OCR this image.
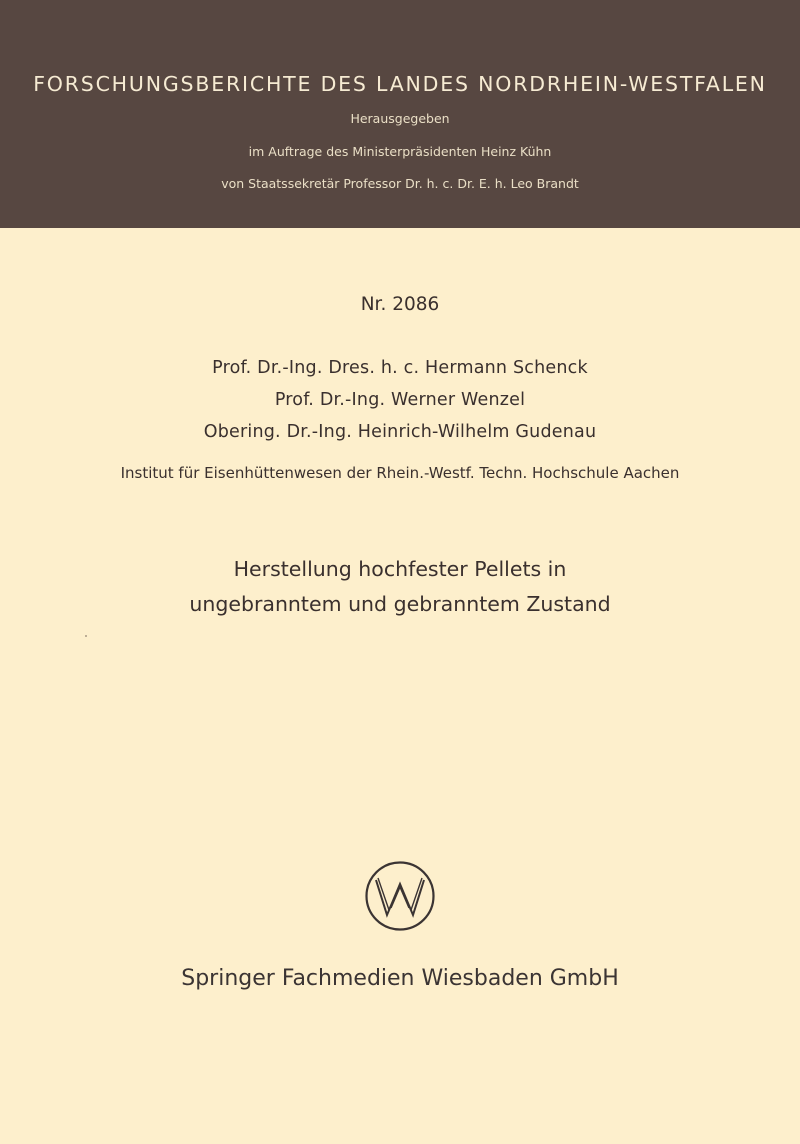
FORSCHUNGSBERICHTE DES LANDES NORDRHEIN-WESTFALEN
Herausgegeben
im Auftrage des Ministerpräsidenten Heinz Kühn
von Staatssekretär Professor Dr. h. c. Dr. E. h. Leo Brandt
Nr. 2086
Prof. Dr.-Ing. Dres. h. c. Hermann Schenck
Prof. Dr.-Ing. Werner Wenzel
Obering. Dr.-Ing. Heinrich-Wilhelm Gudenau
Institut für Eisenhüttenwesen der Rhein.-Westf. Techn. Hochschule Aachen
Herstellung hochfester Pellets in
ungebranntem und gebranntem Zustand
Springer Fachmedien Wiesbaden GmbH
